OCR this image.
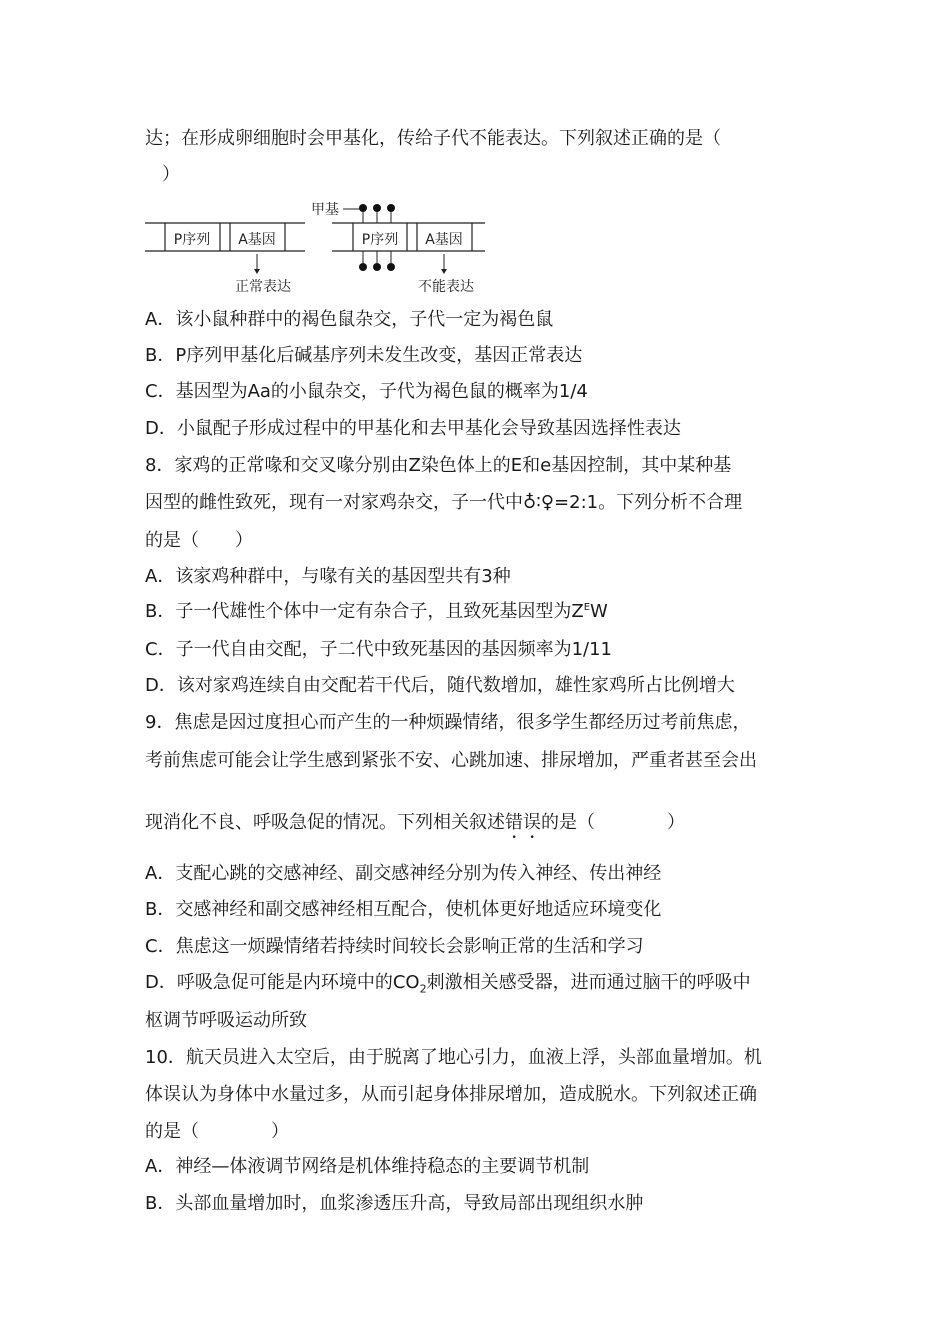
达；在形成卵细胞时会甲基化，传给子代不能表达。下列叙述正确的是（
）
P序列 A基因
正常表达
P序列 A基因
甲基
不能表达
A．该小鼠种群中的褐色鼠杂交，子代一定为褐色鼠
B．P序列甲基化后碱基序列未发生改变，基因正常表达
C．基因型为Aa的小鼠杂交，子代为褐色鼠的概率为1/4
D．小鼠配子形成过程中的甲基化和去甲基化会导致基因选择性表达
8．家鸡的正常喙和交叉喙分别由Z染色体上的E和e基因控制，其中某种基
因型的雌性致死，现有一对家鸡杂交，子一代中♁∶♀=2:1。下列分析不合理
的是（　　）
A．该家鸡种群中，与喙有关的基因型共有3种
B．子一代雄性个体中一定有杂合子，且致死基因型为$Z^EW$
C．子一代自由交配，子二代中致死基因的基因频率为1/11
D．该对家鸡连续自由交配若干代后，随代数增加，雄性家鸡所占比例增大
9．焦虑是因过度担心而产生的一种烦躁情绪，很多学生都经历过考前焦虑，
考前焦虑可能会让学生感到紧张不安、心跳加速、排尿增加，严重者甚至会出
现消化不良、呼吸急促的情况。下列相关叙述错误的是（　　　　）
A．支配心跳的交感神经、副交感神经分别为传入神经、传出神经
B．交感神经和副交感神经相互配合，使机体更好地适应环境变化
C．焦虑这一烦躁情绪若持续时间较长会影响正常的生活和学习
D．呼吸急促可能是内环境中的$CO_2$刺激相关感受器，进而通过脑干的呼吸中
枢调节呼吸运动所致
10．航天员进入太空后，由于脱离了地心引力，血液上浮，头部血量增加。机
体误认为身体中水量过多，从而引起身体排尿增加，造成脱水。下列叙述正确
的是（　　　　）
A．神经—体液调节网络是机体维持稳态的主要调节机制
B．头部血量增加时，血浆渗透压升高，导致局部出现组织水肿
